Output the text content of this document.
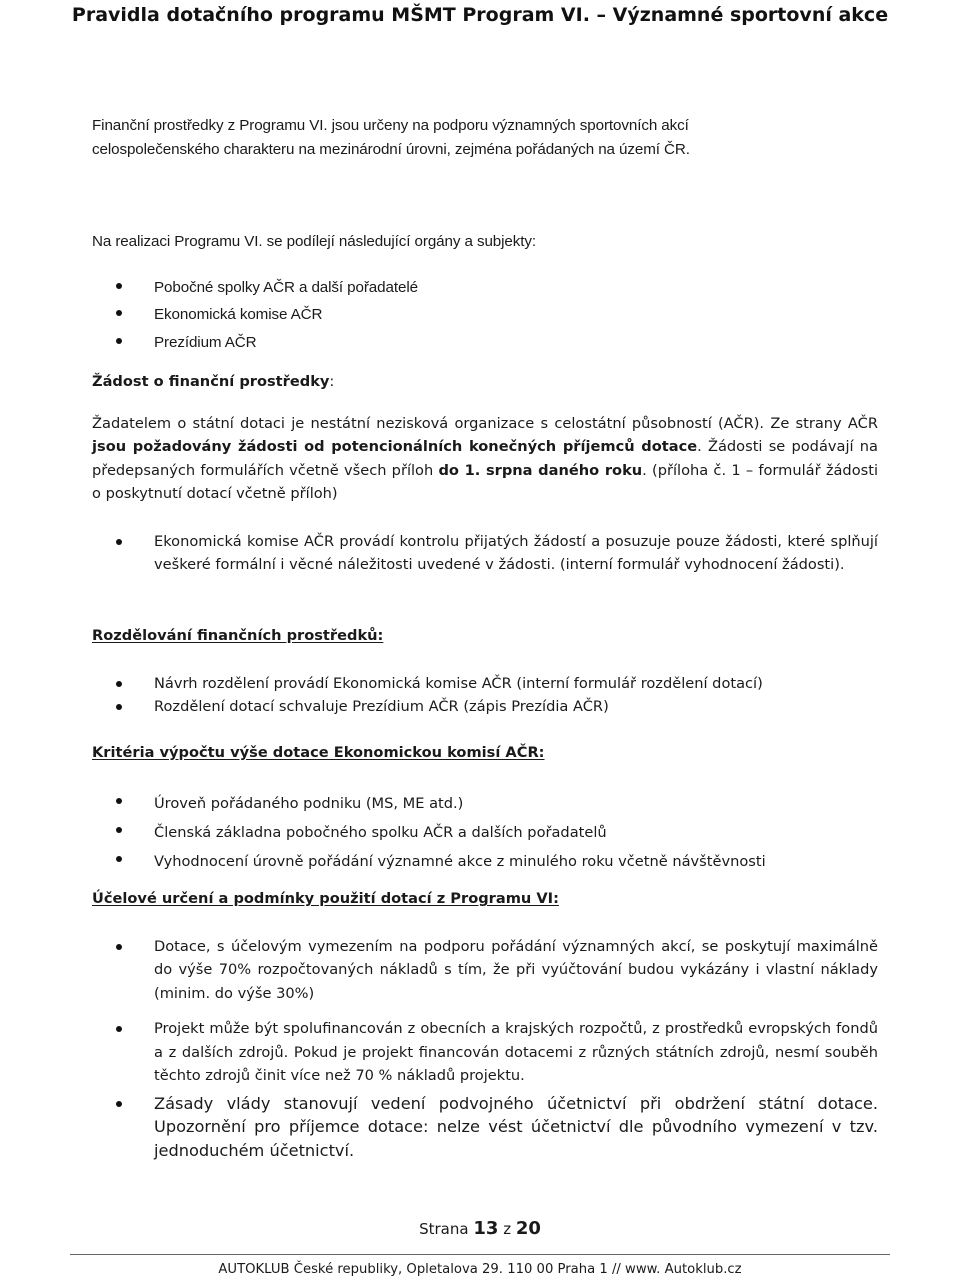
Pravidla dotačního programu MŠMT Program VI. – Významné sportovní akce
Finanční prostředky z Programu VI. jsou určeny na podporu významných sportovních akcí
celospolečenského charakteru na mezinárodní úrovni, zejména pořádaných na území ČR.
Na realizaci Programu VI. se podílejí následující orgány a subjekty:
Pobočné spolky AČR a další pořadatelé
Ekonomická komise AČR
Prezídium AČR
Žádost o finanční prostředky:

Žadatelem o státní dotaci je nestátní nezisková organizace s celostátní působností (AČR). Ze strany AČR jsou požadovány žádosti od potencionálních konečných příjemců dotace. Žádosti se podávají na předepsaných formulářích včetně všech příloh do 1. srpna daného roku. (příloha č. 1 – formulář žádosti o poskytnutí dotací včetně příloh)

Ekonomická komise AČR provádí kontrolu přijatých žádostí a posuzuje pouze žádosti, které splňují veškeré formální i věcné náležitosti uvedené v žádosti. (interní formulář vyhodnocení žádosti).
Rozdělování finančních prostředků:
Návrh rozdělení provádí Ekonomická komise AČR (interní formulář rozdělení dotací)
Rozdělení dotací schvaluje Prezídium AČR (zápis Prezídia AČR)
Kritéria výpočtu výše dotace Ekonomickou komisí AČR:
Úroveň pořádaného podniku (MS, ME atd.)
Členská základna pobočného spolku AČR a dalších pořadatelů
Vyhodnocení úrovně pořádání významné akce z minulého roku včetně návštěvnosti
Účelové určení a podmínky použití dotací z Programu VI:
Dotace, s účelovým vymezením na podporu pořádání významných akcí, se poskytují maximálně do výše 70% rozpočtovaných nákladů s tím, že při vyúčtování budou vykázány i vlastní náklady (minim. do výše 30%)
Projekt může být spolufinancován z obecních a krajských rozpočtů, z prostředků evropských fondů a z dalších zdrojů. Pokud je projekt financován dotacemi z různých státních zdrojů, nesmí souběh těchto zdrojů činit více než 70 % nákladů projektu.
Zásady vlády stanovují vedení podvojného účetnictví při obdržení státní dotace. Upozornění pro příjemce dotace: nelze vést účetnictví dle původního vymezení v tzv. jednoduchém účetnictví.
Strana 13 z 20
AUTOKLUB České republiky, Opletalova 29. 110 00 Praha 1 // www. Autoklub.cz
